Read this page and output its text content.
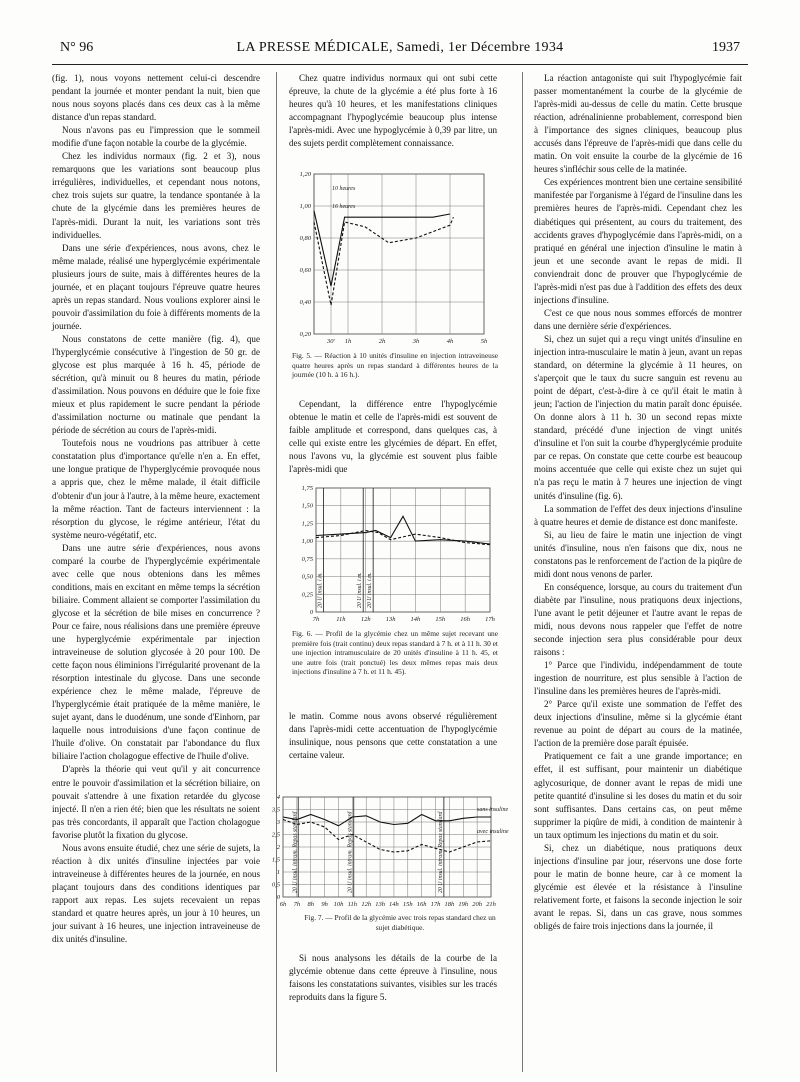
N° 96	LA PRESSE MÉDICALE, Samedi, 1er Décembre 1934	1937

(fig. 1), nous voyons nettement celui-ci descendre pendant la journée et monter pendant la nuit, bien que nous nous soyons placés dans ces deux cas à la même distance d'un repas standard.

Nous n'avons pas eu l'impression que le sommeil modifie d'une façon notable la courbe de la glycémie.

Chez les individus normaux (fig. 2 et 3), nous remarquons que les variations sont beaucoup plus irrégulières, individuelles, et cependant nous notons, chez trois sujets sur quatre, la tendance spontanée à la chute de la glycémie dans les premières heures de l'après-midi. Durant la nuit, les variations sont très individuelles.

Dans une série d'expériences, nous avons, chez le même malade, réalisé une hyperglycémie expérimentale plusieurs jours de suite, mais à différentes heures de la journée, et en plaçant toujours l'épreuve quatre heures après un repas standard. Nous voulions explorer ainsi le pouvoir d'assimilation du foie à différents moments de la journée.

Nous constatons de cette manière (fig. 4), que l'hyperglycémie consécutive à l'ingestion de 50 gr. de glycose est plus marquée à 16 h. 45, période de sécrétion, qu'à minuit ou 8 heures du matin, période d'assimilation. Nous pouvons en déduire que le foie fixe mieux et plus rapidement le sucre pendant la période d'assimilation nocturne ou matinale que pendant la période de sécrétion au cours de l'après-midi.

Toutefois nous ne voudrions pas attribuer à cette constatation plus d'importance qu'elle n'en a. En effet, une longue pratique de l'hyperglycémie provoquée nous a appris que, chez le même malade, il était difficile d'obtenir d'un jour à l'autre, à la même heure, exactement la même réaction. Tant de facteurs interviennent : la résorption du glycose, le régime antérieur, l'état du système neuro-végétatif, etc.

Dans une autre série d'expériences, nous avons comparé la courbe de l'hyperglycémie expérimentale avec celle que nous obtenions dans les mêmes conditions, mais en excitant en même temps la sécrétion biliaire. Comment allaient se comporter l'assimilation du glycose et la sécrétion de bile mises en concurrence ? Pour ce faire, nous réalisions dans une première épreuve une hyperglycémie expérimentale par injection intraveineuse de solution glycosée à 20 pour 100. De cette façon nous éliminions l'irrégularité provenant de la résorption intestinale du glycose. Dans une seconde expérience chez le même malade, l'épreuve de l'hyperglycémie était pratiquée de la même manière, le sujet ayant, dans le duodénum, une sonde d'Einhorn, par laquelle nous introduisions d'une façon continue de l'huile d'olive. On constatait par l'abondance du flux biliaire l'action cholagogue effective de l'huile d'olive.

D'après la théorie qui veut qu'il y ait concurrence entre le pouvoir d'assimilation et la sécrétion biliaire, on pouvait s'attendre à une fixation retardée du glycose injecté. Il n'en a rien été; bien que les résultats ne soient pas très concordants, il apparaît que l'action cholagogue favorise plutôt la fixation du glycose.

Nous avons ensuite étudié, chez une série de sujets, la réaction à dix unités d'insuline injectées par voie intraveineuse à différentes heures de la journée, en nous plaçant toujours dans des conditions identiques par rapport aux repas. Les sujets recevaient un repas standard et quatre heures après, un jour à 10 heures, un jour suivant à 16 heures, une injection intraveineuse de dix unités d'insuline.

Chez quatre individus normaux qui ont subi cette épreuve, la chute de la glycémie a été plus forte à 16 heures qu'à 10 heures, et les manifestations cliniques accompagnant l'hypoglycémie beaucoup plus intense l'après-midi. Avec une hypoglycémie à 0,39 par litre, un des sujets perdit complètement connaissance.

0,20
0,40
0,60
0,80
1,00
1,20
30' 1h	2h	3h	4h	5h
10 heures
16 heures
Fig. 5. — Réaction à 10 unités d'insuline en injection intraveineuse quatre heures après un repas standard à différentes heures de la journée (10 h. à 16 h.).

Cependant, la différence entre l'hypoglycémie obtenue le matin et celle de l'après-midi est souvent de faible amplitude et correspond, dans quelques cas, à celle qui existe entre les glycémies de départ. En effet, nous l'avons vu, la glycémie est souvent plus faible l'après-midi que

0
0,25
0,50
0,75
1,00
1,25
1,50
1,75
7h	11h 12h 13h 14h 15h 16h 17h
20 U insul. i.m.	20 U insul. i.m. 20 U insul. i.m.
Fig. 6. — Profil de la glycémie chez un même sujet recevant une première fois (trait continu) deux repas standard à 7 h. et à 11 h. 30 et une injection intramusculaire de 20 unités d'insuline à 11 h. 45, et une autre fois (trait ponctué) les deux mêmes repas mais deux injections d'insuline à 7 h. et 11 h. 45).

le matin. Comme nous avons observé régulièrement dans l'après-midi cette accentuation de l'hypoglycémie insulinique, nous pensons que cette constatation a une certaine valeur.

0
0,5
1
1,5
2
2,5
3
3,5
4
6h 7h 8h 9h 10h 11h 12h 13h 14h 15h 16h 17h 18h 19h 20h 21h
20 U insul. intram. Repas standard	20 U insul. intram. Repas standard	20 U insul. intram. Repas standard
sans insuline
avec insuline
Fig. 7. — Profil de la glycémie avec trois repas standard chez un sujet diabétique.

Si nous analysons les détails de la courbe de la glycémie obtenue dans cette épreuve à l'insuline, nous faisons les constatations suivantes, visibles sur les tracés reproduits dans la figure 5.

La réaction antagoniste qui suit l'hypoglycémie fait passer momentanément la courbe de la glycémie de l'après-midi au-dessus de celle du matin. Cette brusque réaction, adrénalinienne probablement, correspond bien à l'importance des signes cliniques, beaucoup plus accusés dans l'épreuve de l'après-midi que dans celle du matin. On voit ensuite la courbe de la glycémie de 16 heures s'infléchir sous celle de la matinée.

Ces expériences montrent bien une certaine sensibilité manifestée par l'organisme à l'égard de l'insuline dans les premières heures de l'après-midi. Cependant chez les diabétiques qui présentent, au cours du traitement, des accidents graves d'hypoglycémie dans l'après-midi, on a pratiqué en général une injection d'insuline le matin à jeun et une seconde avant le repas de midi. Il conviendrait donc de prouver que l'hypoglycémie de l'après-midi n'est pas due à l'addition des effets des deux injections d'insuline.

C'est ce que nous nous sommes efforcés de montrer dans une dernière série d'expériences.

Si, chez un sujet qui a reçu vingt unités d'insuline en injection intra-musculaire le matin à jeun, avant un repas standard, on détermine la glycémie à 11 heures, on s'aperçoit que le taux du sucre sanguin est revenu au point de départ, c'est-à-dire à ce qu'il était le matin à jeun; l'action de l'injection du matin paraît donc épuisée. On donne alors à 11 h. 30 un second repas mixte standard, précédé d'une injection de vingt unités d'insuline et l'on suit la courbe d'hyperglycémie produite par ce repas. On constate que cette courbe est beaucoup moins accentuée que celle qui existe chez un sujet qui n'a pas reçu le matin à 7 heures une injection de vingt unités d'insuline (fig. 6).

La sommation de l'effet des deux injections d'insuline à quatre heures et demie de distance est donc manifeste.

Si, au lieu de faire le matin une injection de vingt unités d'insuline, nous n'en faisons que dix, nous ne constatons pas le renforcement de l'action de la piqûre de midi dont nous venons de parler.

En conséquence, lorsque, au cours du traitement d'un diabète par l'insuline, nous pratiquons deux injections, l'une avant le petit déjeuner et l'autre avant le repas de midi, nous devons nous rappeler que l'effet de notre seconde injection sera plus considérable pour deux raisons :

1° Parce que l'individu, indépendamment de toute ingestion de nourriture, est plus sensible à l'action de l'insuline dans les premières heures de l'après-midi.

2° Parce qu'il existe une sommation de l'effet des deux injections d'insuline, même si la glycémie étant revenue au point de départ au cours de la matinée, l'action de la première dose paraît épuisée.

Pratiquement ce fait a une grande importance; en effet, il est suffisant, pour maintenir un diabétique aglycosurique, de donner avant le repas de midi une petite quantité d'insuline si les doses du matin et du soir sont suffisantes. Dans certains cas, on peut même supprimer la piqûre de midi, à condition de maintenir à un taux optimum les injections du matin et du soir.

Si, chez un diabétique, nous pratiquons deux injections d'insuline par jour, réservons une dose forte pour le matin de bonne heure, car à ce moment la glycémie est élevée et la résistance à l'insuline relativement forte, et faisons la seconde injection le soir avant le repas. Si, dans un cas grave, nous sommes obligés de faire trois injections dans la journée, il
